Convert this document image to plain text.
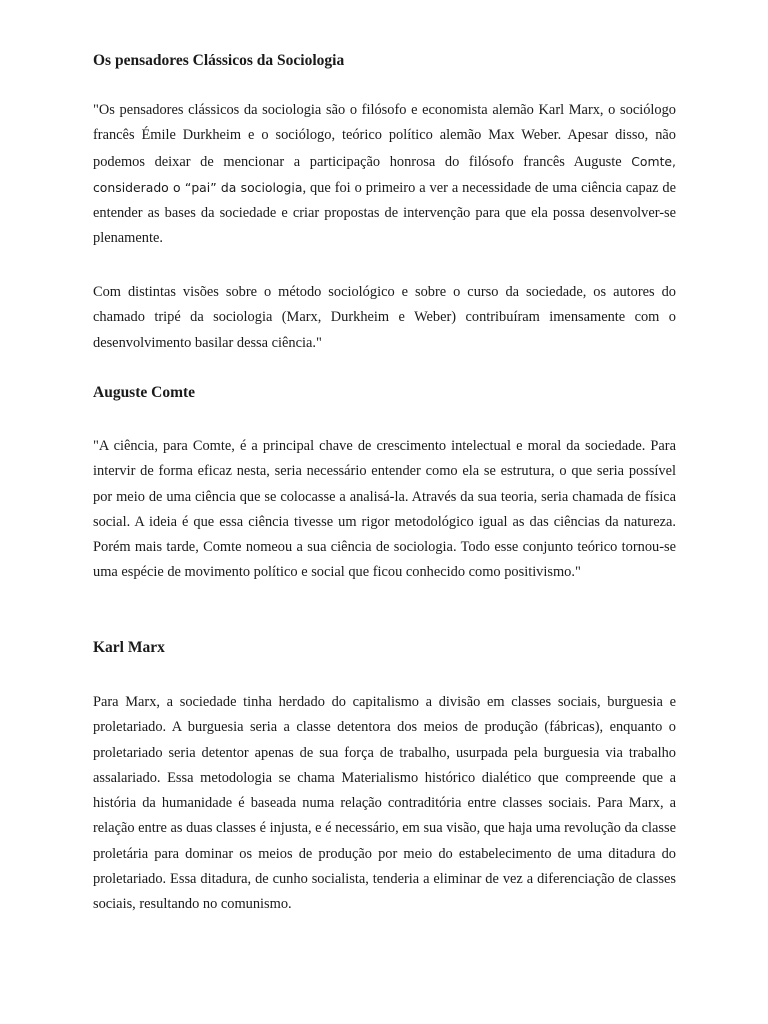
Os pensadores Clássicos da Sociologia

"Os pensadores clássicos da sociologia são o filósofo e economista alemão Karl Marx, o sociólogo francês Émile Durkheim e o sociólogo, teórico político alemão Max Weber. Apesar disso, não podemos deixar de mencionar a participação honrosa do filósofo francês Auguste Comte, considerado o “pai” da sociologia, que foi o primeiro a ver a necessidade de uma ciência capaz de entender as bases da sociedade e criar propostas de intervenção para que ela possa desenvolver-se plenamente.

Com distintas visões sobre o método sociológico e sobre o curso da sociedade, os autores do chamado tripé da sociologia (Marx, Durkheim e Weber) contribuíram imensamente com o desenvolvimento basilar dessa ciência."

Auguste Comte

"A ciência, para Comte, é a principal chave de crescimento intelectual e moral da sociedade. Para intervir de forma eficaz nesta, seria necessário entender como ela se estrutura, o que seria possível por meio de uma ciência que se colocasse a analisá-la. Através da sua teoria, seria chamada de física social. A ideia é que essa ciência tivesse um rigor metodológico igual as das ciências da natureza. Porém mais tarde, Comte nomeou a sua ciência de sociologia. Todo esse conjunto teórico tornou-se uma espécie de movimento político e social que ficou conhecido como positivismo."

Karl Marx

Para Marx, a sociedade tinha herdado do capitalismo a divisão em classes sociais, burguesia e proletariado. A burguesia seria a classe detentora dos meios de produção (fábricas), enquanto o proletariado seria detentor apenas de sua força de trabalho, usurpada pela burguesia via trabalho assalariado. Essa metodologia se chama Materialismo histórico dialético que compreende que a história da humanidade é baseada numa relação contraditória entre classes sociais. Para Marx, a relação entre as duas classes é injusta, e é necessário, em sua visão, que haja uma revolução da classe proletária para dominar os meios de produção por meio do estabelecimento de uma ditadura do proletariado. Essa ditadura, de cunho socialista, tenderia a eliminar de vez a diferenciação de classes sociais, resultando no comunismo.
